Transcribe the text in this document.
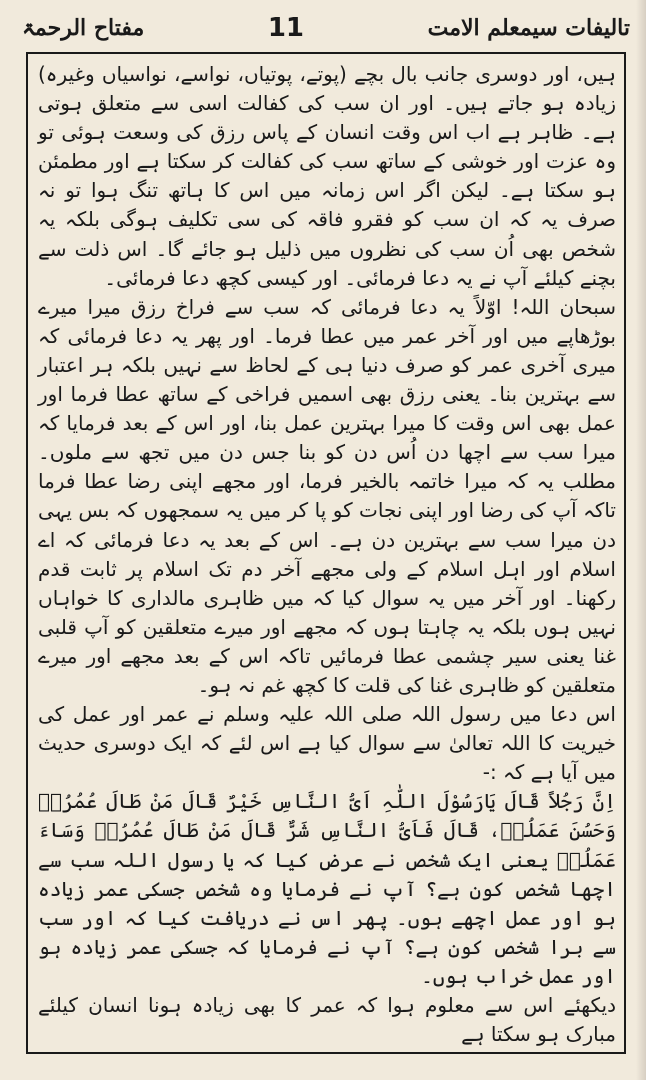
تالیفات سیمعلم الامت
11
مفتاح الرحمۃ

ہیں، اور دوسری جانب بال بچے (پوتے، پوتیاں، نواسے، نواسیاں وغیرہ) زیادہ ہو جاتے ہیں۔ اور ان سب کی کفالت اسی سے متعلق ہوتی ہے۔ ظاہر ہے اب اس وقت انسان کے پاس رزق کی وسعت ہوئی تو وہ عزت اور خوشی کے ساتھ سب کی کفالت کر سکتا ہے اور مطمئن ہو سکتا ہے۔ لیکن اگر اس زمانہ میں اس کا ہاتھ تنگ ہوا تو نہ صرف یہ کہ ان سب کو فقرو فاقہ کی سی تکلیف ہوگی بلکہ یہ شخص بھی اُن سب کی نظروں میں ذلیل ہو جائے گا۔ اس ذلت سے بچنے کیلئے آپ نے یہ دعا فرمائی۔ اور کیسی کچھ دعا فرمائی۔

سبحان اللہ! اوّلاً یہ دعا فرمائی کہ سب سے فراخ رزق میرا میرے بوڑھاپے میں اور آخر عمر میں عطا فرما۔ اور پھر یہ دعا فرمائی کہ میری آخری عمر کو صرف دنیا ہی کے لحاظ سے نہیں بلکہ ہر اعتبار سے بہترین بنا۔ یعنی رزق بھی اسمیں فراخی کے ساتھ عطا فرما اور عمل بھی اس وقت کا میرا بہترین عمل بنا، اور اس کے بعد فرمایا کہ میرا سب سے اچھا دن اُس دن کو بنا جس دن میں تجھ سے ملوں۔ مطلب یہ کہ میرا خاتمہ بالخیر فرما، اور مجھے اپنی رضا عطا فرما تاکہ آپ کی رضا اور اپنی نجات کو پا کر میں یہ سمجھوں کہ بس یہی دن میرا سب سے بہترین دن ہے۔ اس کے بعد یہ دعا فرمائی کہ اے اسلام اور اہل اسلام کے ولی مجھے آخر دم تک اسلام پر ثابت قدم رکھنا۔ اور آخر میں یہ سوال کیا کہ میں ظاہری مالداری کا خواہاں نہیں ہوں بلکہ یہ چاہتا ہوں کہ مجھے اور میرے متعلقین کو آپ قلبی غنا یعنی سیر چشمی عطا فرمائیں تاکہ اس کے بعد مجھے اور میرے متعلقین کو ظاہری غنا کی قلت کا کچھ غم نہ ہو۔

اس دعا میں رسول اللہ صلی اللہ علیہ وسلم نے عمر اور عمل کی خیریت کا اللہ تعالیٰ سے سوال کیا ہے اس لئے کہ ایک دوسری حدیث میں آیا ہے کہ :-

اِنَّ رَجُلاً قَالَ یَارَسُوْلَ اللّٰہِ اَیُّ النَّاسِ خَیْرٌ قَالَ مَنْ طَالَ عُمُرُہٗ وَحَسُنَ عَمَلُہٗ، قَالَ فَاَیُّ النَّاسِ شَرٌّ قَالَ مَنْ طَالَ عُمُرُہٗ وَسَاءَ عَمَلُہٗ یعنی ایک شخص نے عرض کیا کہ یا رسول اللہ سب سے اچھا شخص کون ہے؟ آپ نے فرمایا وہ شخص جسکی عمر زیادہ ہو اور عمل اچھے ہوں۔ پھر اس نے دریافت کیا کہ اور سب سے برا شخص کون ہے؟ آپ نے فرمایا کہ جسکی عمر زیادہ ہو اور عمل خراب ہوں۔

دیکھئے اس سے معلوم ہوا کہ عمر کا بھی زیادہ ہونا انسان کیلئے مبارک ہو سکتا ہے
